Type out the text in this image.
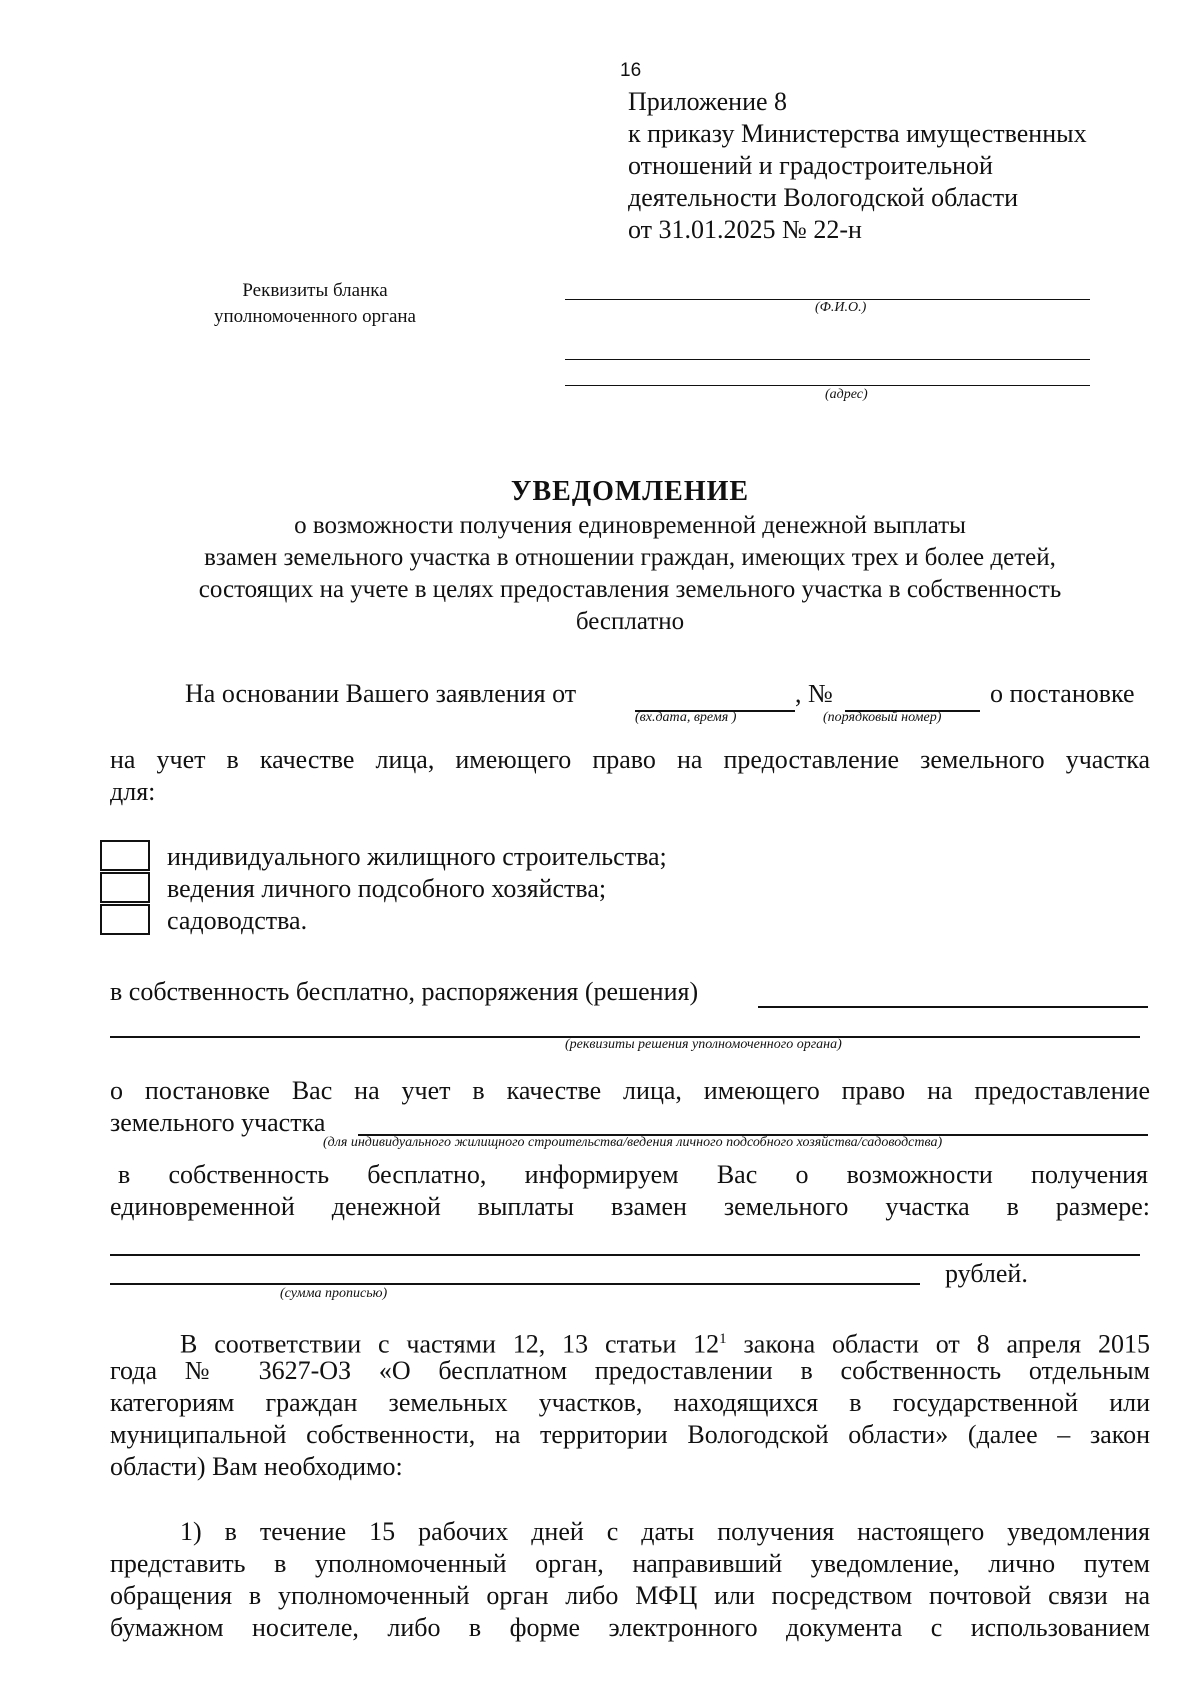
16
Приложение 8
к приказу Министерства имущественных
отношений и градостроительной
деятельности Вологодской области
от 31.01.2025 № 22-н
Реквизиты бланка
уполномоченного органа	(Ф.И.О.)
(адрес)
УВЕДОМЛЕНИЕ
о возможности получения единовременной денежной выплаты
взамен земельного участка в отношении граждан, имеющих трех и более детей,
состоящих на учете в целях предоставления земельного участка в собственность
бесплатно
На основании Вашего заявления от	, №	о постановке
(вх.дата, время )	(порядковый номер)
на учет в качестве лица, имеющего право на предоставление земельного участка
для:
индивидуального жилищного строительства;
ведения личного подсобного хозяйства;
садоводства.
в собственность бесплатно, распоряжения (решения)
(реквизиты решения уполномоченного органа)
о постановке Вас на учет в качестве лица, имеющего право на предоставление
земельного участка
(для индивидуального жилищного строительства/ведения личного подсобного хозяйства/садоводства)
в собственность бесплатно, информируем Вас о возможности получения
единовременной денежной выплаты взамен земельного участка в размере:
рублей.
(сумма прописью)
В соответствии с частями 12, 13 статьи $12^1$ закона области от 8 апреля 2015
года № 3627-ОЗ «О бесплатном предоставлении в собственность отдельным
категориям граждан земельных участков, находящихся в государственной или
муниципальной собственности, на территории Вологодской области» (далее – закон
области) Вам необходимо:
1) в течение 15 рабочих дней с даты получения настоящего уведомления
представить в уполномоченный орган, направивший уведомление, лично путем
обращения в уполномоченный орган либо МФЦ или посредством почтовой связи на
бумажном носителе, либо в форме электронного документа с использованием
